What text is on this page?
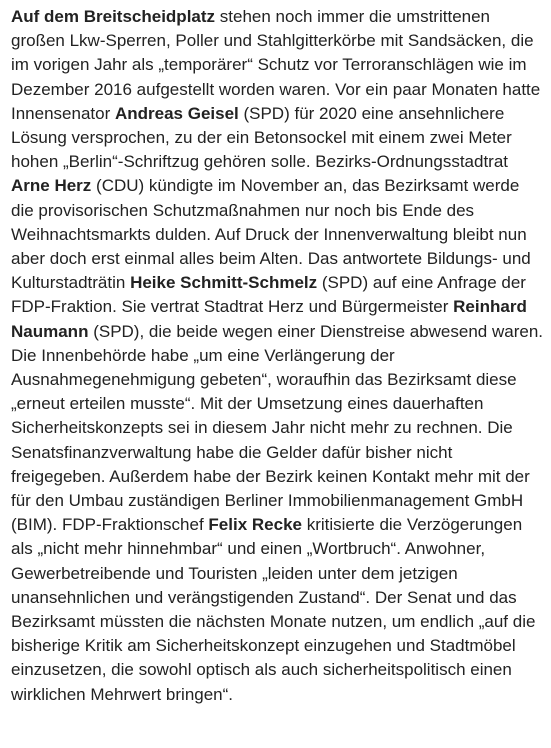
Auf dem Breitscheidplatz stehen noch immer die umstrittenen
großen Lkw-Sperren, Poller und Stahlgitterkörbe mit Sandsäcken, die
im vorigen Jahr als „temporärer“ Schutz vor Terroranschlägen wie im
Dezember 2016 aufgestellt worden waren. Vor ein paar Monaten hatte
Innensenator Andreas Geisel (SPD) für 2020 eine ansehnlichere
Lösung versprochen, zu der ein Betonsockel mit einem zwei Meter
hohen „Berlin“-Schriftzug gehören solle. Bezirks-Ordnungsstadtrat
Arne Herz (CDU) kündigte im November an, das Bezirksamt werde
die provisorischen Schutzmaßnahmen nur noch bis Ende des
Weihnachtsmarkts dulden. Auf Druck der Innenverwaltung bleibt nun
aber doch erst einmal alles beim Alten. Das antwortete Bildungs- und
Kulturstadträtin Heike Schmitt-Schmelz (SPD) auf eine Anfrage der
FDP-Fraktion. Sie vertrat Stadtrat Herz und Bürgermeister Reinhard
Naumann (SPD), die beide wegen einer Dienstreise abwesend waren.
Die Innenbehörde habe „um eine Verlängerung der
Ausnahmegenehmigung gebeten“, woraufhin das Bezirksamt diese
„erneut erteilen musste“. Mit der Umsetzung eines dauerhaften
Sicherheitskonzepts sei in diesem Jahr nicht mehr zu rechnen. Die
Senatsfinanzverwaltung habe die Gelder dafür bisher nicht
freigegeben. Außerdem habe der Bezirk keinen Kontakt mehr mit der
für den Umbau zuständigen Berliner Immobilienmanagement GmbH
(BIM). FDP-Fraktionschef Felix Recke kritisierte die Verzögerungen
als „nicht mehr hinnehmbar“ und einen „Wortbruch“. Anwohner,
Gewerbetreibende und Touristen „leiden unter dem jetzigen
unansehnlichen und verängstigenden Zustand“. Der Senat und das
Bezirksamt müssten die nächsten Monate nutzen, um endlich „auf die
bisherige Kritik am Sicherheitskonzept einzugehen und Stadtmöbel
einzusetzen, die sowohl optisch als auch sicherheitspolitisch einen
wirklichen Mehrwert bringen“.
